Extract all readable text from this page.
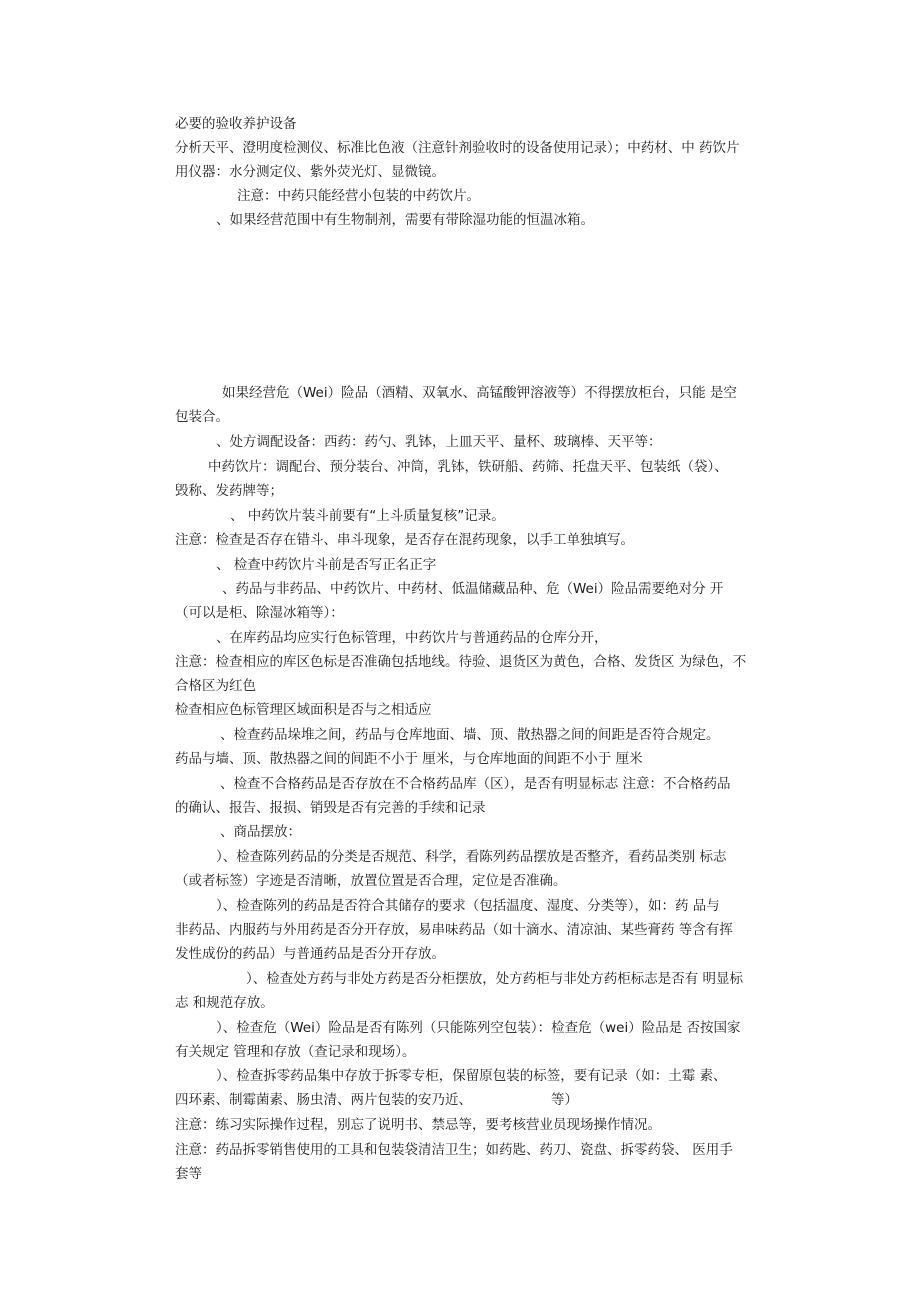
必要的验收养护设备
分析天平、澄明度检测仪、标准比色液（注意针剂验收时的设备使用记录）；中药材、中 药饮片
用仪器：水分测定仪、紫外荧光灯、显微镜。
注意：中药只能经营小包装的中药饮片。
、如果经营范围中有生物制剂，需要有带除湿功能的恒温冰箱。
如果经营危（Wei）险品（酒精、双氧水、高锰酸钾溶液等）不得摆放柜台，只能 是空
包装合。
、处方调配设备：西药：药勺、乳钵，上皿天平、量杯、玻璃棒、天平等：
中药饮片：调配台、预分装台、冲筒，乳钵，铁研船、药筛、托盘天平、包装纸（袋）、
毁称、发药牌等；
、 中药饮片装斗前要有“上斗质量复核”记录。
注意：检查是否存在错斗、串斗现象，是否存在混药现象，以手工单独填写。
、 检查中药饮片斗前是否写正名正字
、药品与非药品、中药饮片、中药材、低温储藏品种、危（Wei）险品需要绝对分 开
（可以是柜、除湿冰箱等）：
、在库药品均应实行色标管理，中药饮片与普通药品的仓库分开，
注意：检查相应的库区色标是否准确包括地线。待验、退货区为黄色，合格、发货区 为绿色，不
合格区为红色
检查相应色标管理区域面积是否与之相适应
、检查药品垛堆之间，药品与仓库地面、墙、顶、散热器之间的间距是否符合规定。
药品与墙、顶、散热器之间的间距不小于 厘米，与仓库地面的间距不小于 厘米
、检查不合格药品是否存放在不合格药品库（区），是否有明显标志 注意：不合格药品
的确认、报告、报损、销毁是否有完善的手续和记录
、商品摆放：
）、检查陈列药品的分类是否规范、科学，看陈列药品摆放是否整齐，看药品类别 标志
（或者标签）字迹是否清晰，放置位置是否合理，定位是否准确。
）、检查陈列的药品是否符合其储存的要求（包括温度、湿度、分类等），如：药 品与
非药品、内服药与外用药是否分开存放，易串味药品（如十滴水、清凉油、某些膏药 等含有挥
发性成份的药品）与普通药品是否分开存放。
）、检查处方药与非处方药是否分柜摆放，处方药柜与非处方药柜标志是否有 明显标
志 和规范存放。
）、检查危（Wei）险品是否有陈列（只能陈列空包装）：检查危（wei）险品是 否按国家
有关规定 管理和存放（查记录和现场）。
）、检查拆零药品集中存放于拆零专柜，保留原包装的标签，要有记录（如：土霉 素、
四环素、制霉菌素、肠虫清、两片包装的安乃近、	等）
注意：练习实际操作过程，别忘了说明书、禁忌等，要考核营业员现场操作情况。
注意：药品拆零销售使用的工具和包装袋清洁卫生；如药匙、药刀、瓷盘、拆零药袋、 医用手
套等
